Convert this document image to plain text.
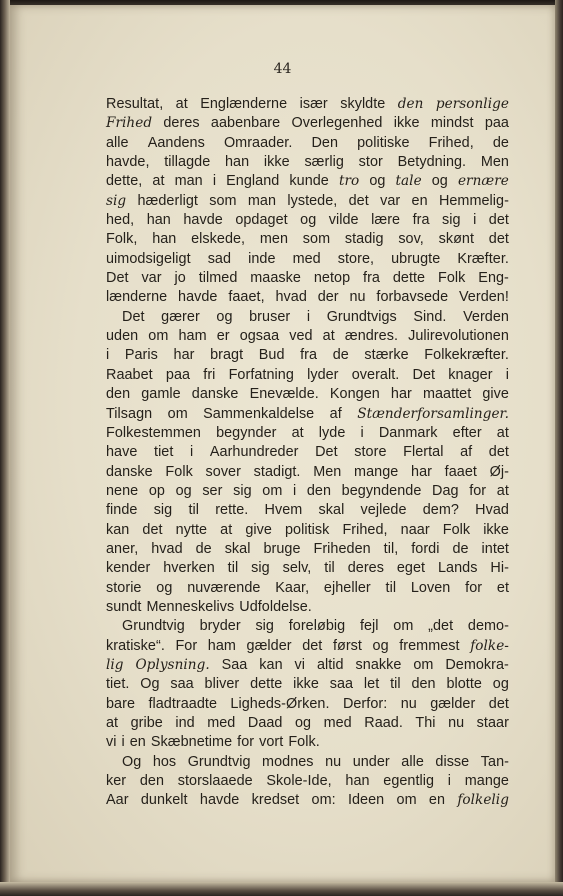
44
Resultat, at Englænderne især skyldte den personlige
Frihed deres aabenbare Overlegenhed ikke mindst paa
alle Aandens Omraader. Den politiske Frihed, de
havde, tillagde han ikke særlig stor Betydning. Men
dette, at man i England kunde tro og tale og ernære
sig hæderligt som man lystede, det var en Hemmelig-
hed, han havde opdaget og vilde lære fra sig i det
Folk, han elskede, men som stadig sov, skønt det
uimodsigeligt sad inde med store, ubrugte Kræfter.
Det var jo tilmed maaske netop fra dette Folk Eng-
lænderne havde faaet, hvad der nu forbavsede Verden!
Det gærer og bruser i Grundtvigs Sind. Verden
uden om ham er ogsaa ved at ændres. Julirevolutionen
i Paris har bragt Bud fra de stærke Folkekræfter.
Raabet paa fri Forfatning lyder overalt. Det knager i
den gamle danske Enevælde. Kongen har maattet give
Tilsagn om Sammenkaldelse af Stænderforsamlinger.
Folkestemmen begynder at lyde i Danmark efter at
have tiet i Aarhundreder Det store Flertal af det
danske Folk sover stadigt. Men mange har faaet Øj-
nene op og ser sig om i den begyndende Dag for at
finde sig til rette. Hvem skal vejlede dem? Hvad
kan det nytte at give politisk Frihed, naar Folk ikke
aner, hvad de skal bruge Friheden til, fordi de intet
kender hverken til sig selv, til deres eget Lands Hi-
storie og nuværende Kaar, ejheller til Loven for et
sundt Menneskelivs Udfoldelse.
Grundtvig bryder sig foreløbig fejl om „det demo-
kratiske“. For ham gælder det først og fremmest folke-
lig Oplysning. Saa kan vi altid snakke om Demokra-
tiet. Og saa bliver dette ikke saa let til den blotte og
bare fladtraadte Ligheds-Ørken. Derfor: nu gælder det
at gribe ind med Daad og med Raad. Thi nu staar
vi i en Skæbnetime for vort Folk.
Og hos Grundtvig modnes nu under alle disse Tan-
ker den storslaaede Skole-Ide, han egentlig i mange
Aar dunkelt havde kredset om: Ideen om en folkelig
